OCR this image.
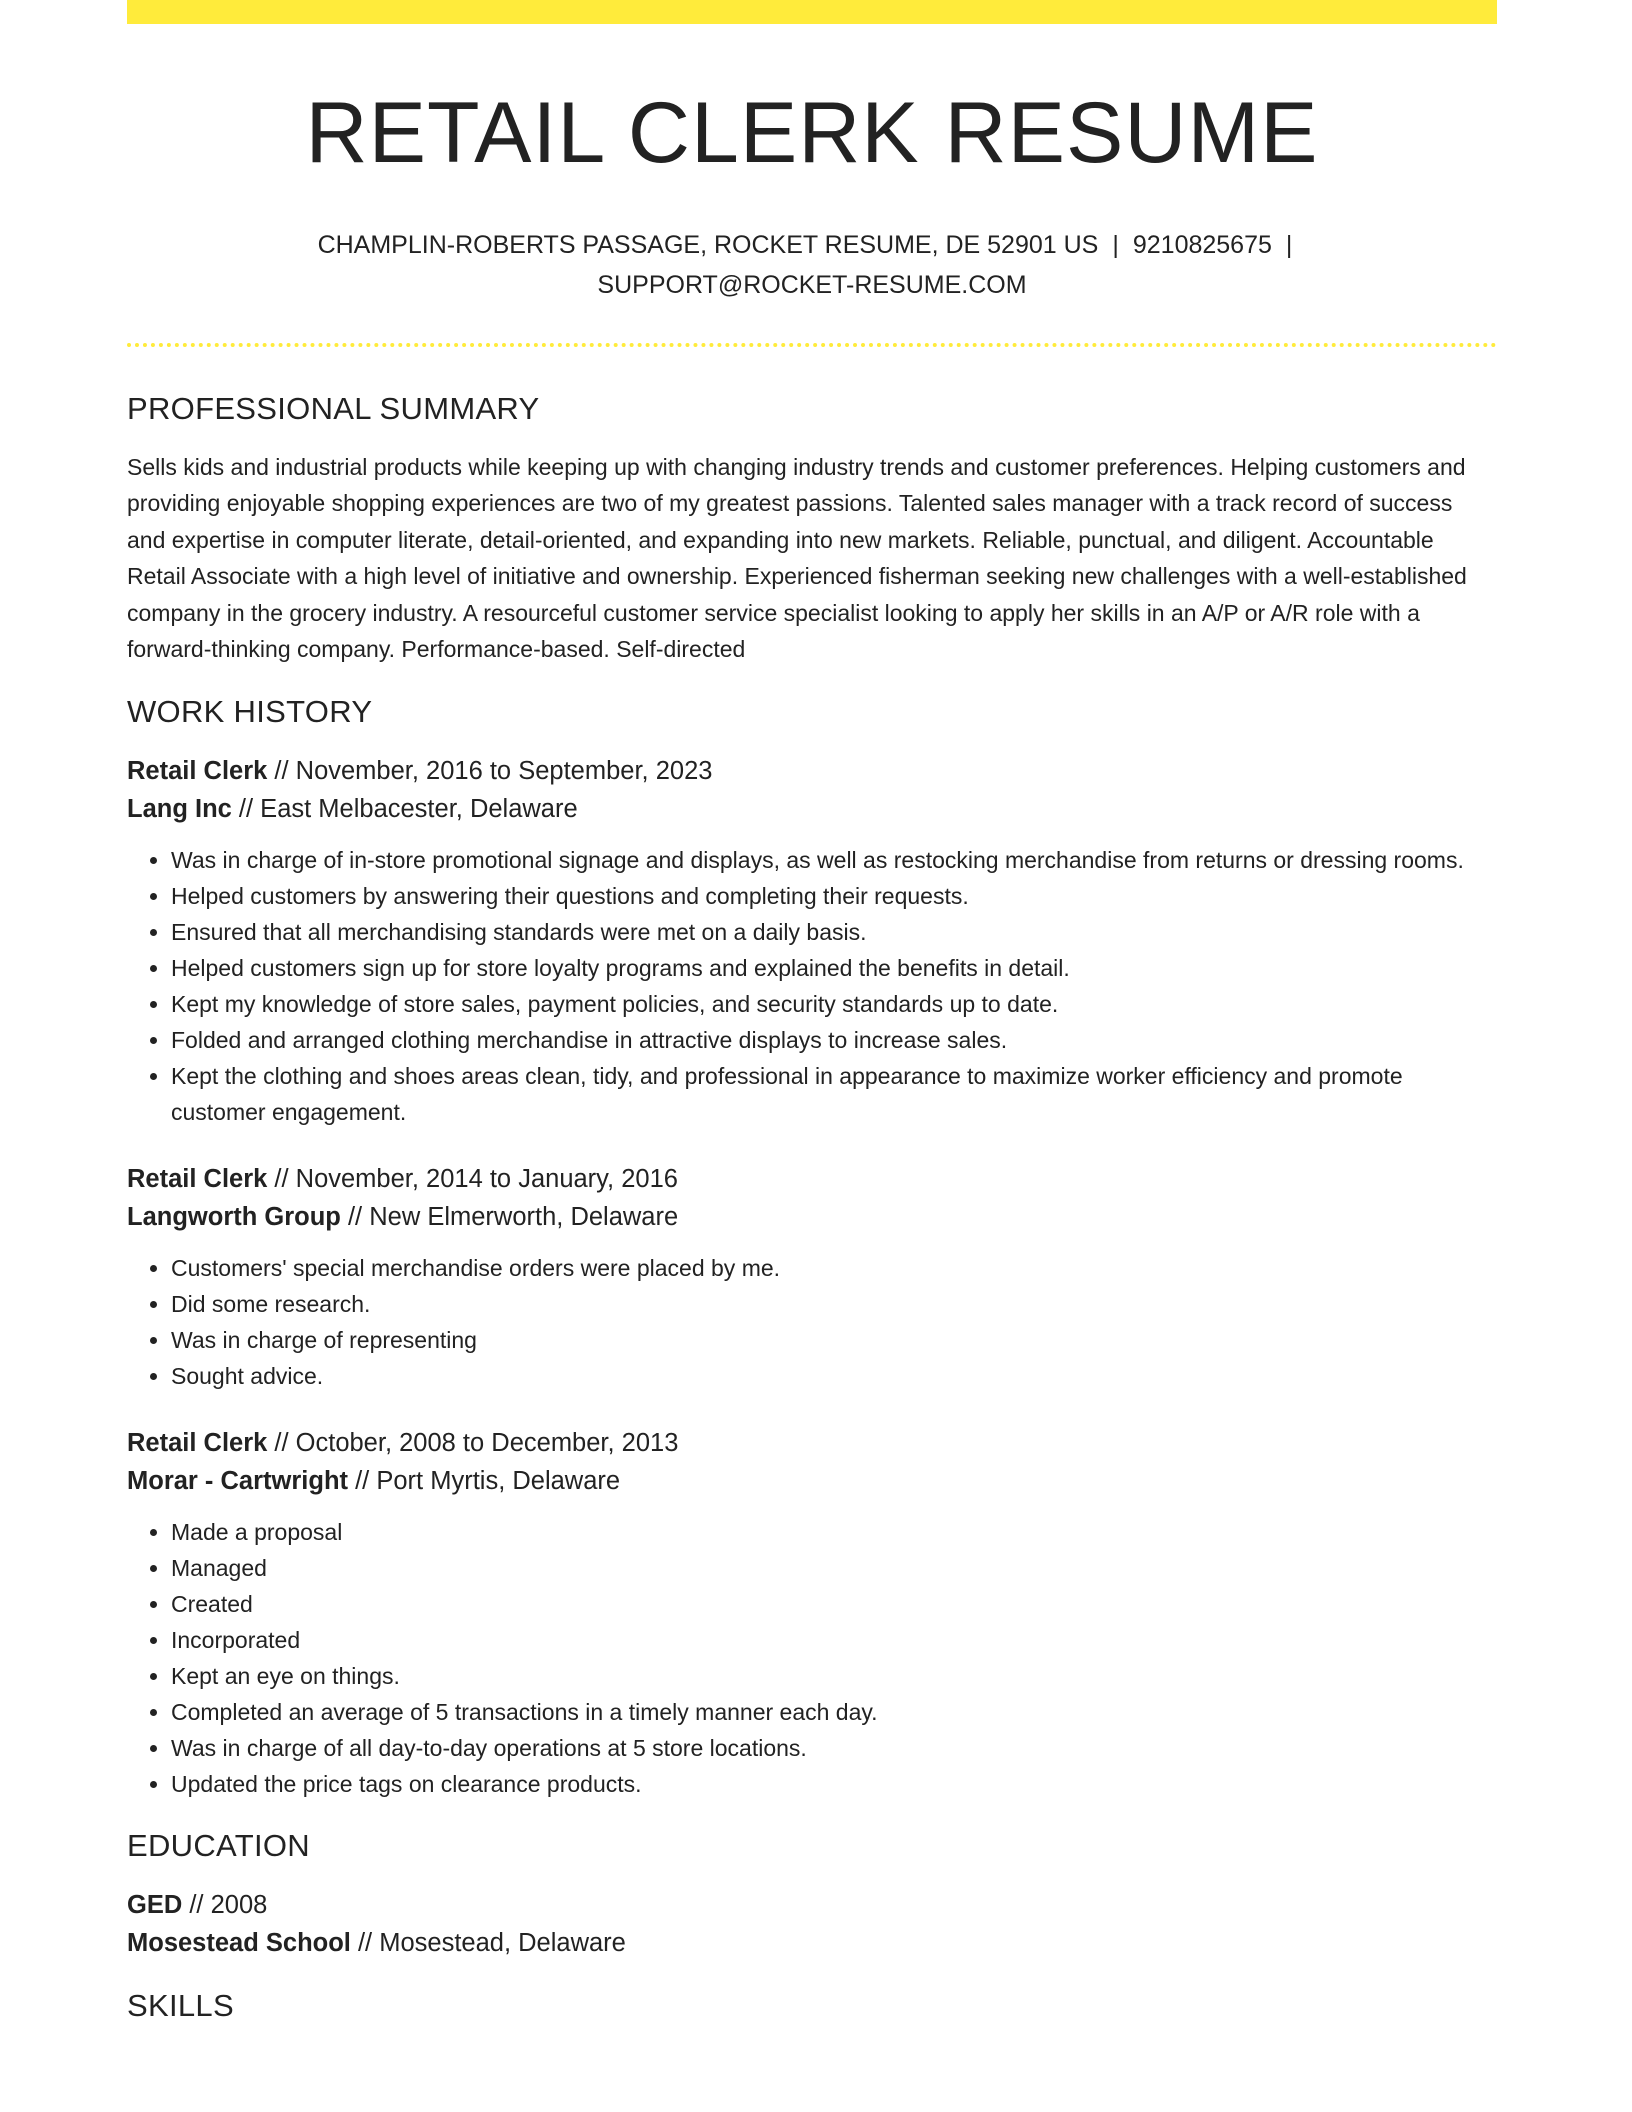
RETAIL CLERK RESUME
CHAMPLIN-ROBERTS PASSAGE, ROCKET RESUME, DE 52901 US | 9210825675 |
SUPPORT@ROCKET-RESUME.COM
PROFESSIONAL SUMMARY
Sells kids and industrial products while keeping up with changing industry trends and customer preferences. Helping customers and providing enjoyable shopping experiences are two of my greatest passions. Talented sales manager with a track record of success and expertise in computer literate, detail-oriented, and expanding into new markets. Reliable, punctual, and diligent. Accountable Retail Associate with a high level of initiative and ownership. Experienced fisherman seeking new challenges with a well-established company in the grocery industry. A resourceful customer service specialist looking to apply her skills in an A/P or A/R role with a forward-thinking company. Performance-based. Self-directed
WORK HISTORY
Retail Clerk // November, 2016 to September, 2023
Lang Inc // East Melbacester, Delaware
• Was in charge of in-store promotional signage and displays, as well as restocking merchandise from returns or dressing rooms.
• Helped customers by answering their questions and completing their requests.
• Ensured that all merchandising standards were met on a daily basis.
• Helped customers sign up for store loyalty programs and explained the benefits in detail.
• Kept my knowledge of store sales, payment policies, and security standards up to date.
• Folded and arranged clothing merchandise in attractive displays to increase sales.
• Kept the clothing and shoes areas clean, tidy, and professional in appearance to maximize worker efficiency and promote customer engagement.
Retail Clerk // November, 2014 to January, 2016
Langworth Group // New Elmerworth, Delaware
• Customers' special merchandise orders were placed by me.
• Did some research.
• Was in charge of representing
• Sought advice.
Retail Clerk // October, 2008 to December, 2013
Morar - Cartwright // Port Myrtis, Delaware
• Made a proposal
• Managed
• Created
• Incorporated
• Kept an eye on things.
• Completed an average of 5 transactions in a timely manner each day.
• Was in charge of all day-to-day operations at 5 store locations.
• Updated the price tags on clearance products.
EDUCATION
GED // 2008
Mosestead School // Mosestead, Delaware
SKILLS
